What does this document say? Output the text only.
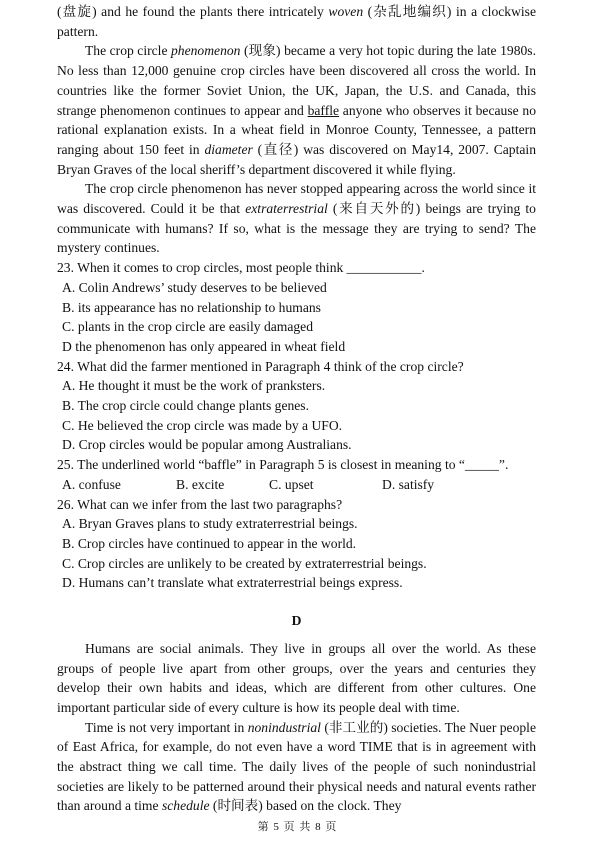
(盘旋) and he found the plants there intricately woven (杂乱地编织) in a clockwise pattern.

The crop circle phenomenon (现象) became a very hot topic during the late 1980s. No less than 12,000 genuine crop circles have been discovered all cross the world. In countries like the former Soviet Union, the UK, Japan, the U.S. and Canada, this strange phenomenon continues to appear and baffle anyone who observes it because no rational explanation exists. In a wheat field in Monroe County, Tennessee, a pattern ranging about 150 feet in diameter (直径) was discovered on May14, 2007. Captain Bryan Graves of the local sheriff’s department discovered it while flying.

The crop circle phenomenon has never stopped appearing across the world since it was discovered. Could it be that extraterrestrial (来自天外的) beings are trying to communicate with humans? If so, what is the message they are trying to send? The mystery continues.

23. When it comes to crop circles, most people think ___________.

A. Colin Andrews’ study deserves to be believed

B. its appearance has no relationship to humans

C. plants in the crop circle are easily damaged

D the phenomenon has only appeared in wheat field

24. What did the farmer mentioned in Paragraph 4 think of the crop circle?

A. He thought it must be the work of pranksters.

B. The crop circle could change plants genes.

C. He believed the crop circle was made by a UFO.

D. Crop circles would be popular among Australians.

25. The underlined world “baffle” in Paragraph 5 is closest in meaning to “_____”.

A. confuse	B. excite	C. upset	D. satisfy

26. What can we infer from the last two paragraphs?

A. Bryan Graves plans to study extraterrestrial beings.

B. Crop circles have continued to appear in the world.

C. Crop circles are unlikely to be created by extraterrestrial beings.

D. Humans can’t translate what extraterrestrial beings express.

D

Humans are social animals. They live in groups all over the world. As these groups of people live apart from other groups, over the years and centuries they develop their own habits and ideas, which are different from other cultures. One important particular side of every culture is how its people deal with time.

Time is not very important in nonindustrial (非工业的) societies. The Nuer people of East Africa, for example, do not even have a word TIME that is in agreement with the abstract thing we call time. The daily lives of the people of such nonindustrial societies are likely to be patterned around their physical needs and natural events rather than around a time schedule (时间表) based on the clock. They

第 5 页 共 8 页
